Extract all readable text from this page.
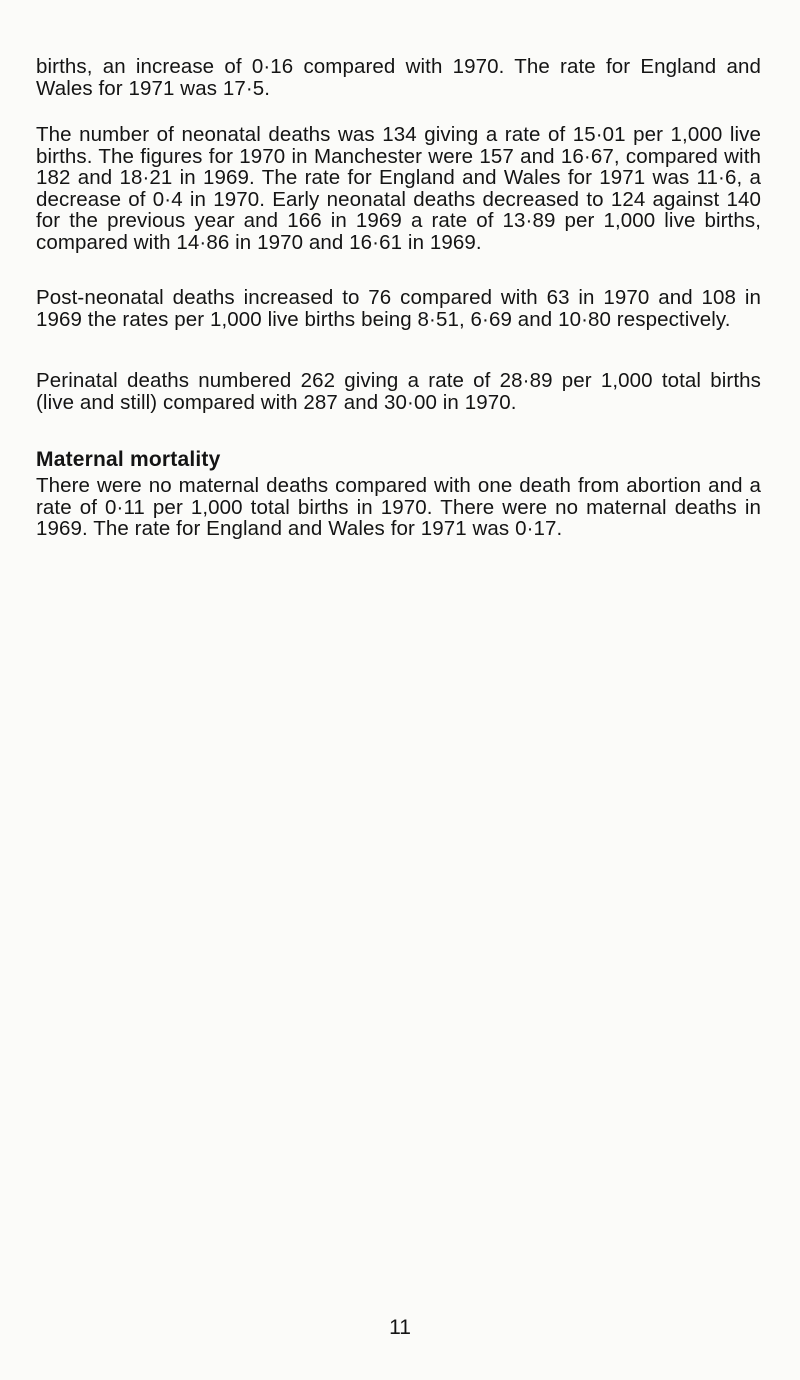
births, an increase of 0·16 compared with 1970. The rate for England and Wales for 1971 was 17·5.

The number of neonatal deaths was 134 giving a rate of 15·01 per 1,000 live births. The figures for 1970 in Manchester were 157 and 16·67, compared with 182 and 18·21 in 1969. The rate for England and Wales for 1971 was 11·6, a decrease of 0·4 in 1970. Early neonatal deaths decreased to 124 against 140 for the previous year and 166 in 1969 a rate of 13·89 per 1,000 live births, compared with 14·86 in 1970 and 16·61 in 1969.

Post-neonatal deaths increased to 76 compared with 63 in 1970 and 108 in 1969 the rates per 1,000 live births being 8·51, 6·69 and 10·80 respectively.

Perinatal deaths numbered 262 giving a rate of 28·89 per 1,000 total births (live and still) compared with 287 and 30·00 in 1970.

Maternal mortality

There were no maternal deaths compared with one death from abortion and a rate of 0·11 per 1,000 total births in 1970. There were no maternal deaths in 1969. The rate for England and Wales for 1971 was 0·17.

11
